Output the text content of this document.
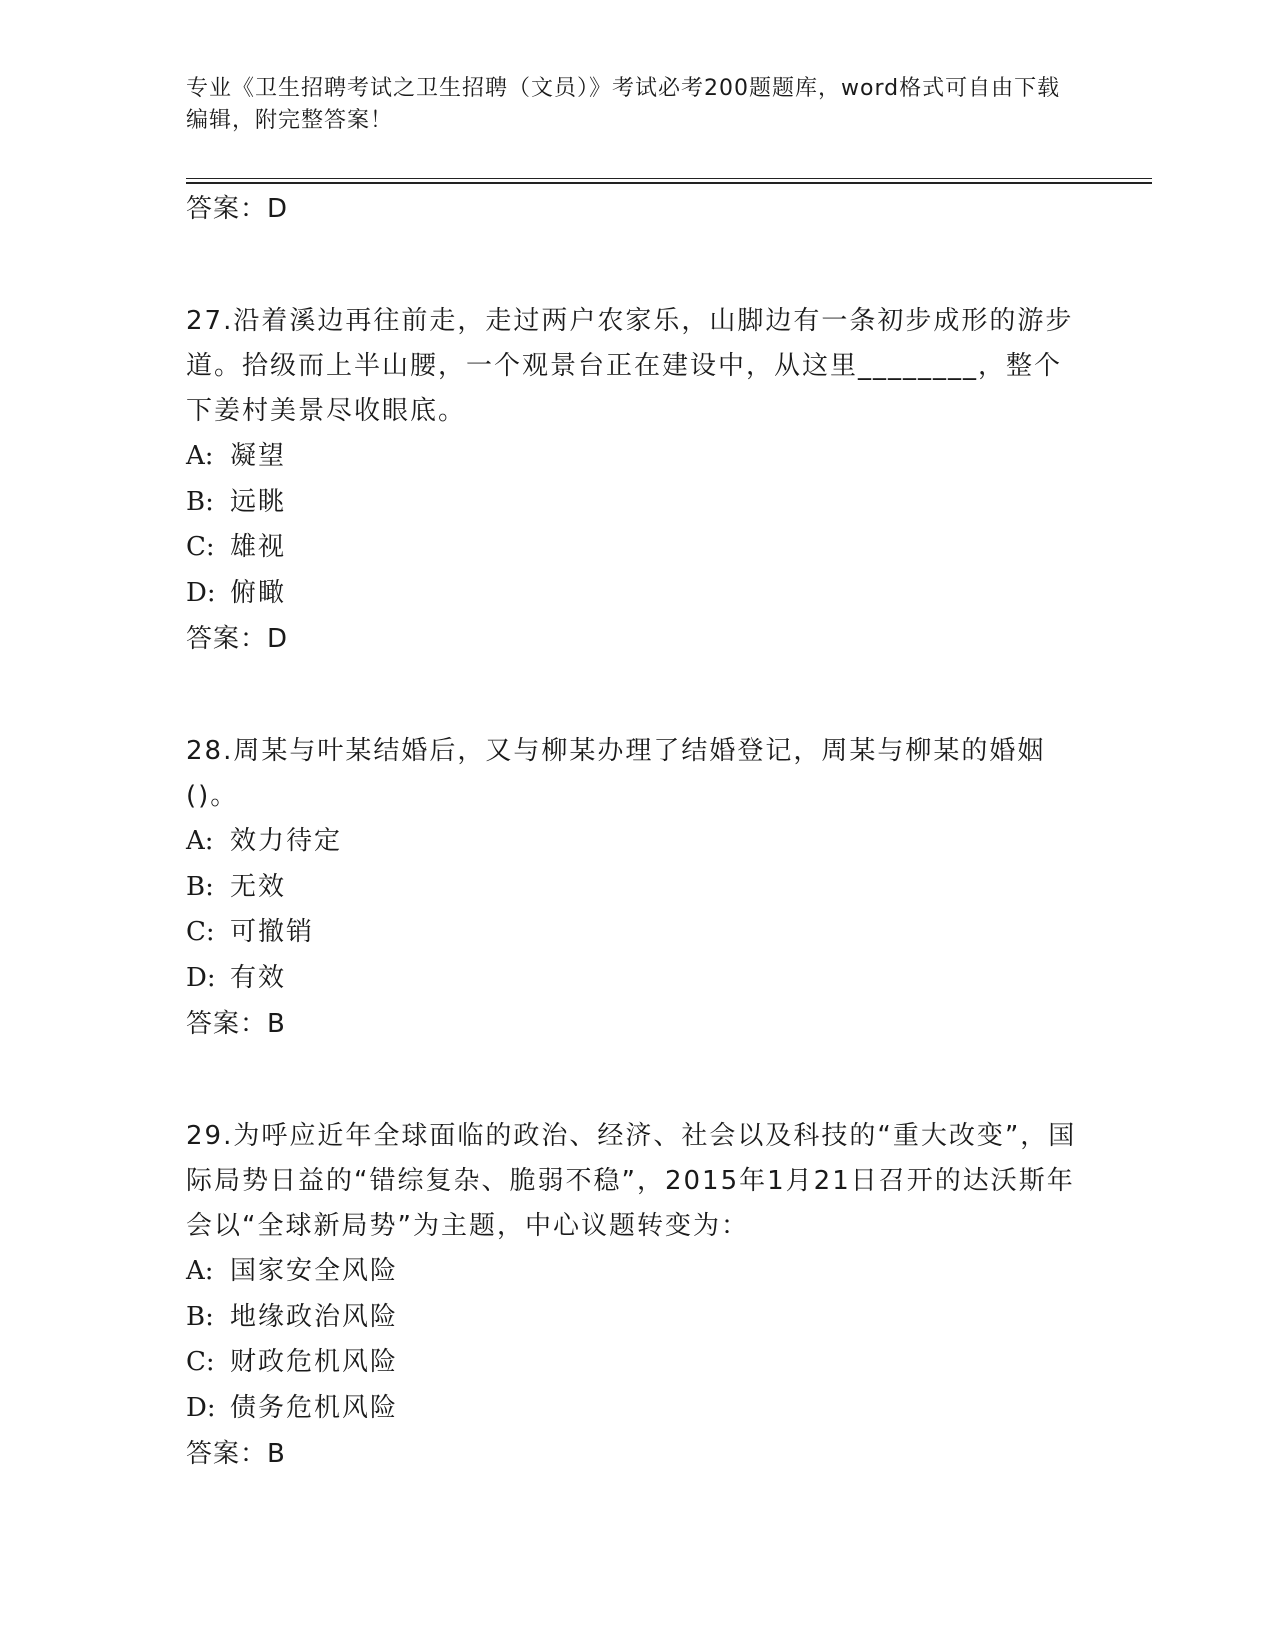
专业《卫生招聘考试之卫生招聘（文员）》考试必考200题题库，word格式可自由下载编辑，附完整答案！
答案：D
27.沿着溪边再往前走，走过两户农家乐，山脚边有一条初步成形的游步道。拾级而上半山腰，一个观景台正在建设中，从这里________，整个下姜村美景尽收眼底。
A: 凝望
B: 远眺
C: 雄视
D: 俯瞰
答案：D
28.周某与叶某结婚后，又与柳某办理了结婚登记，周某与柳某的婚姻()。
A: 效力待定
B: 无效
C: 可撤销
D: 有效
答案：B
29.为呼应近年全球面临的政治、经济、社会以及科技的“重大改变”，国际局势日益的“错综复杂、脆弱不稳”，2015年1月21日召开的达沃斯年会以“全球新局势”为主题，中心议题转变为：
A: 国家安全风险
B: 地缘政治风险
C: 财政危机风险
D: 债务危机风险
答案：B
